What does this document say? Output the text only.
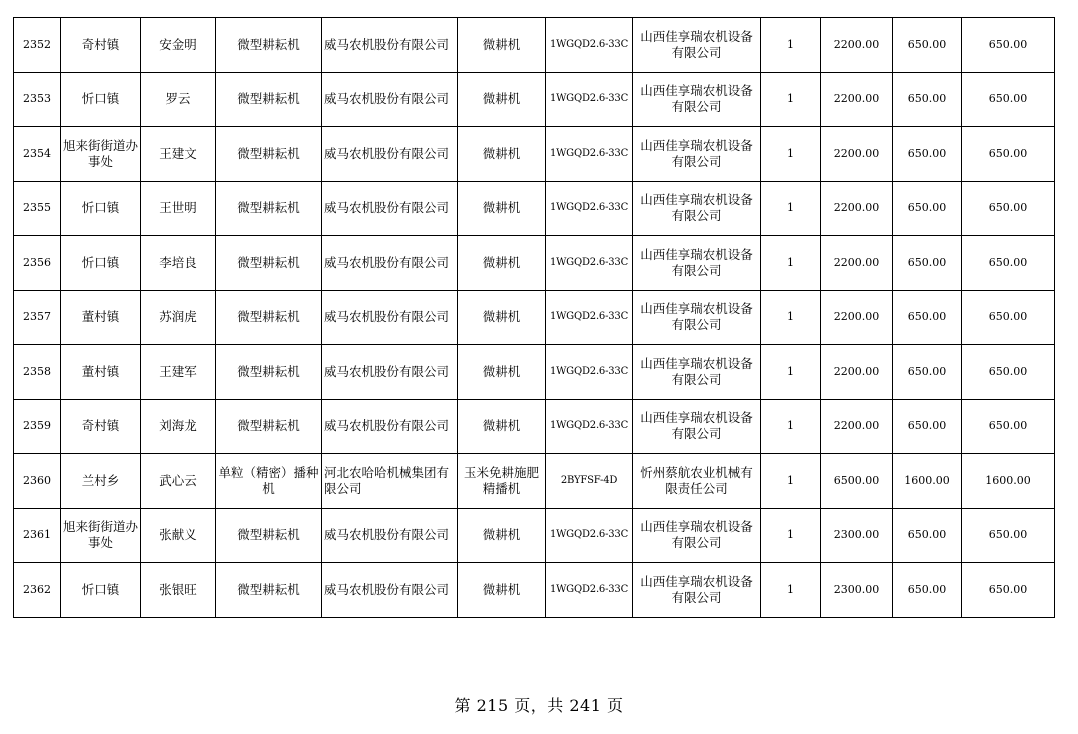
2352	奇村镇	安金明	微型耕耘机	威马农机股份有限公司	微耕机	1WGQD2.6-33C	山西佳享瑞农机设备有限公司	1	2200.00	650.00	650.00
2353	忻口镇	罗云	微型耕耘机	威马农机股份有限公司	微耕机	1WGQD2.6-33C	山西佳享瑞农机设备有限公司	1	2200.00	650.00	650.00
2354	旭来街街道办事处	王建文	微型耕耘机	威马农机股份有限公司	微耕机	1WGQD2.6-33C	山西佳享瑞农机设备有限公司	1	2200.00	650.00	650.00
2355	忻口镇	王世明	微型耕耘机	威马农机股份有限公司	微耕机	1WGQD2.6-33C	山西佳享瑞农机设备有限公司	1	2200.00	650.00	650.00
2356	忻口镇	李培良	微型耕耘机	威马农机股份有限公司	微耕机	1WGQD2.6-33C	山西佳享瑞农机设备有限公司	1	2200.00	650.00	650.00
2357	董村镇	苏润虎	微型耕耘机	威马农机股份有限公司	微耕机	1WGQD2.6-33C	山西佳享瑞农机设备有限公司	1	2200.00	650.00	650.00
2358	董村镇	王建军	微型耕耘机	威马农机股份有限公司	微耕机	1WGQD2.6-33C	山西佳享瑞农机设备有限公司	1	2200.00	650.00	650.00
2359	奇村镇	刘海龙	微型耕耘机	威马农机股份有限公司	微耕机	1WGQD2.6-33C	山西佳享瑞农机设备有限公司	1	2200.00	650.00	650.00
2360	兰村乡	武心云	单粒（精密）播种机	河北农哈哈机械集团有限公司	玉米免耕施肥精播机	2BYFSF-4D	忻州蔡航农业机械有限责任公司	1	6500.00	1600.00	1600.00
2361	旭来街街道办事处	张献义	微型耕耘机	威马农机股份有限公司	微耕机	1WGQD2.6-33C	山西佳享瑞农机设备有限公司	1	2300.00	650.00	650.00
2362	忻口镇	张银旺	微型耕耘机	威马农机股份有限公司	微耕机	1WGQD2.6-33C	山西佳享瑞农机设备有限公司	1	2300.00	650.00	650.00
第 215 页，共 241 页
